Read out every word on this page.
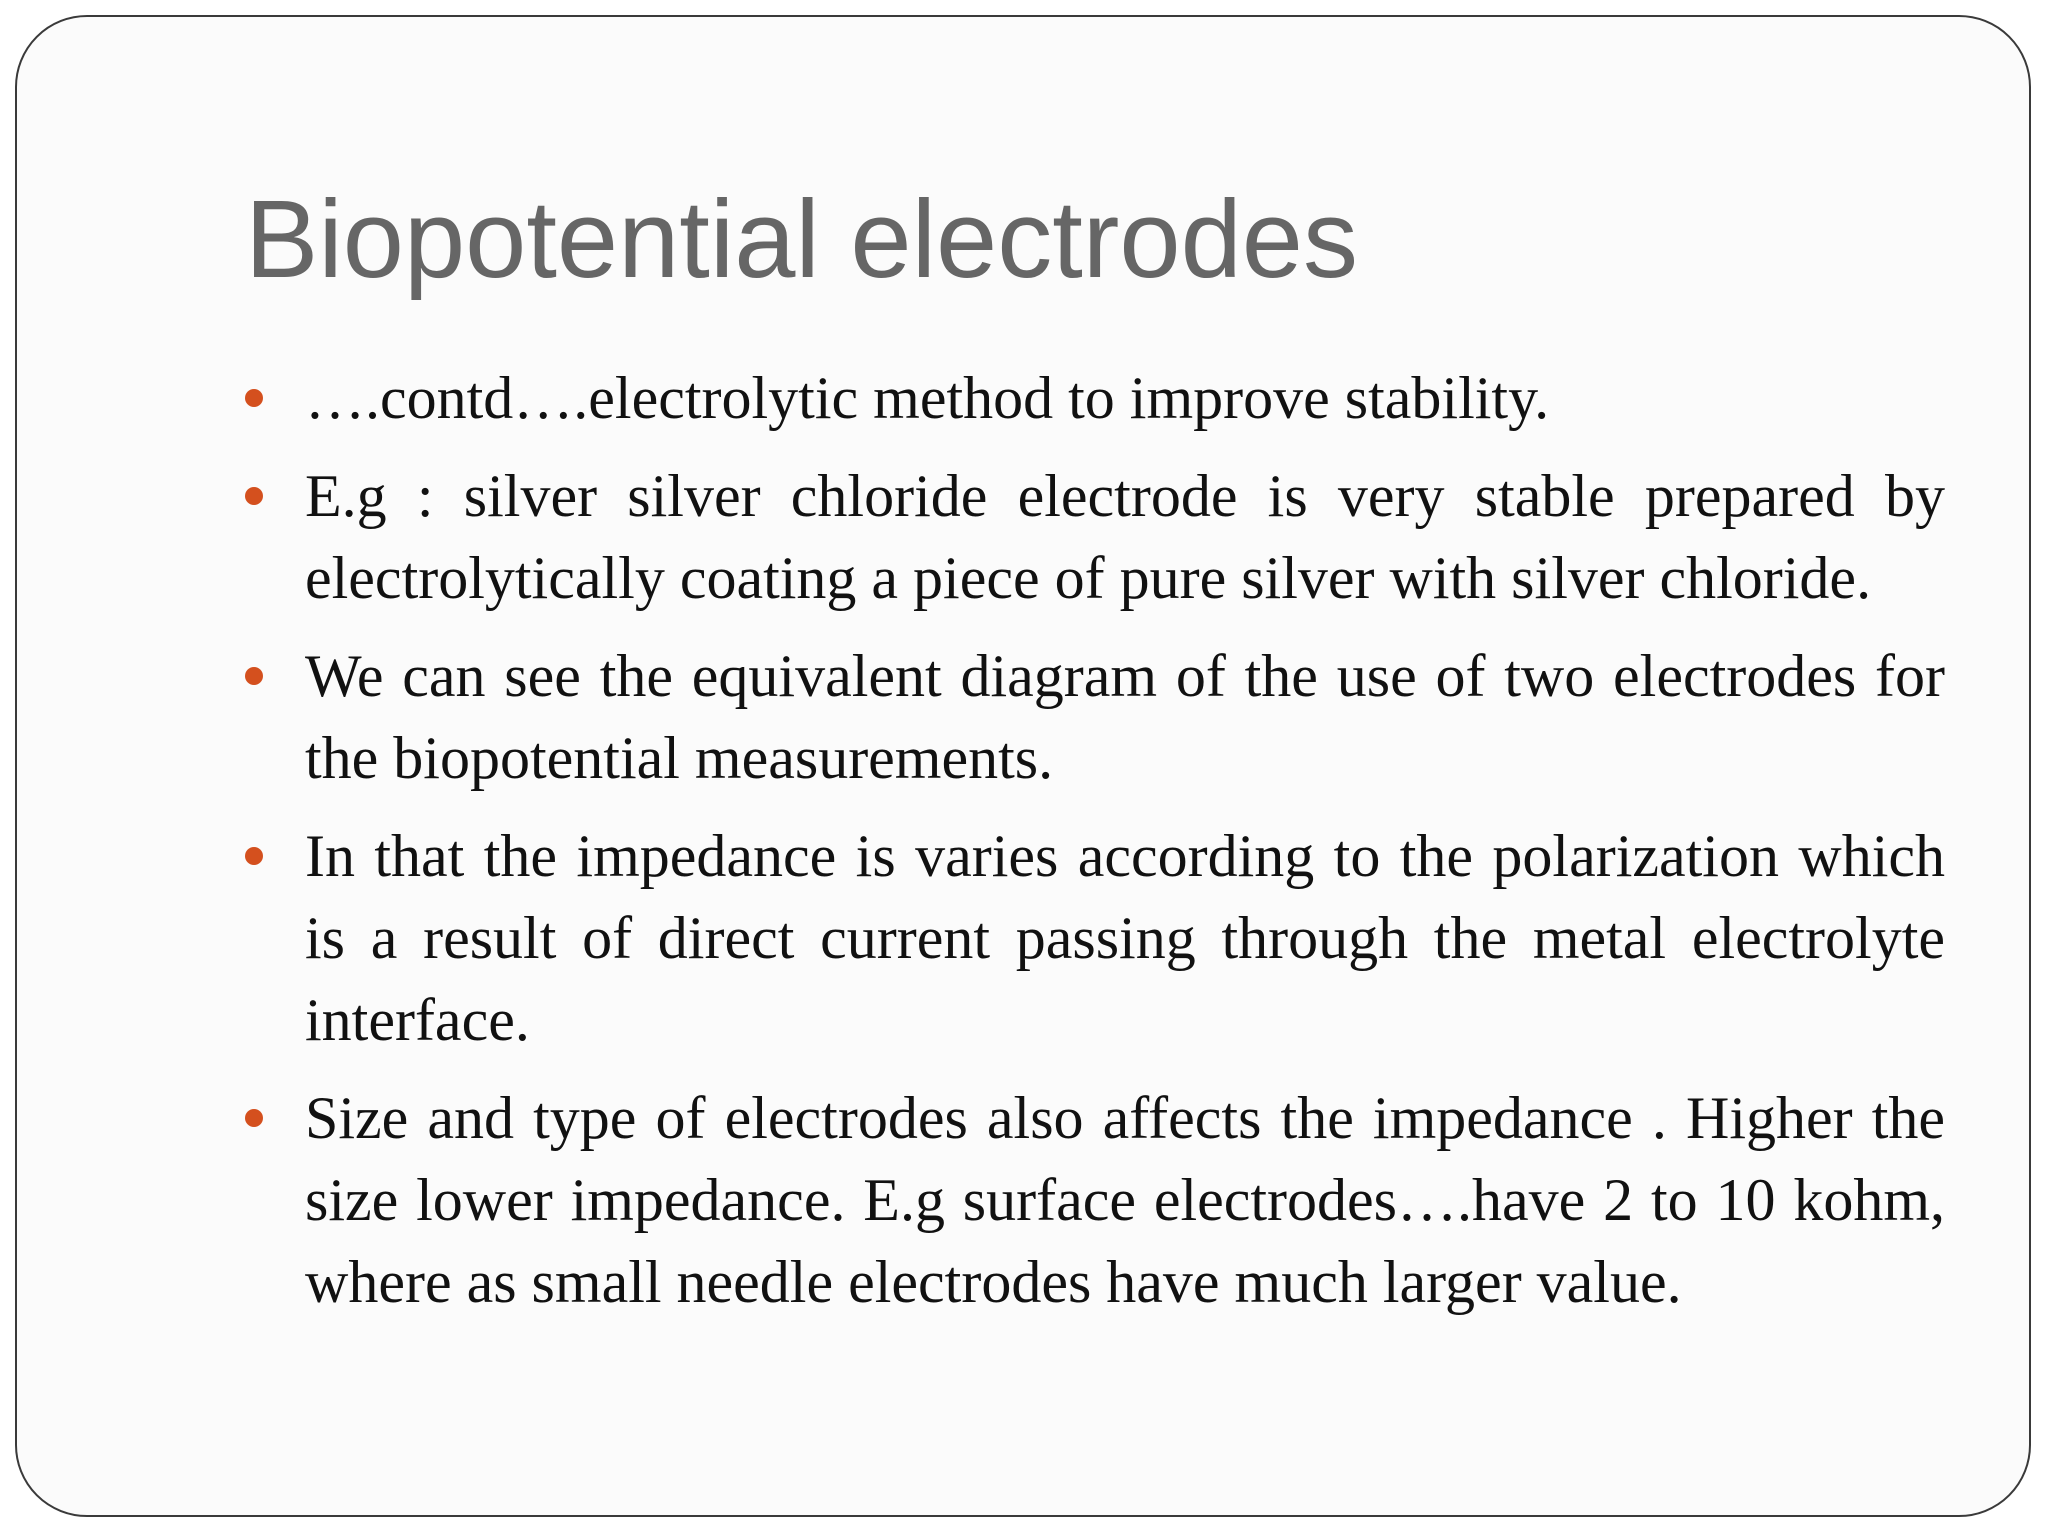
Biopotential electrodes
….contd….electrolytic method to improve stability.
E.g : silver silver chloride electrode is very stable prepared by electrolytically coating a piece of pure silver with silver chloride.
We can see the equivalent diagram of the use of two electrodes for the biopotential measurements.
In that the impedance is varies according to the polarization which is a result of direct current passing through the metal electrolyte interface.
Size and type of electrodes also affects the impedance . Higher the size lower impedance. E.g surface electrodes….have 2 to 10 kohm, where as small needle electrodes have much larger value.
